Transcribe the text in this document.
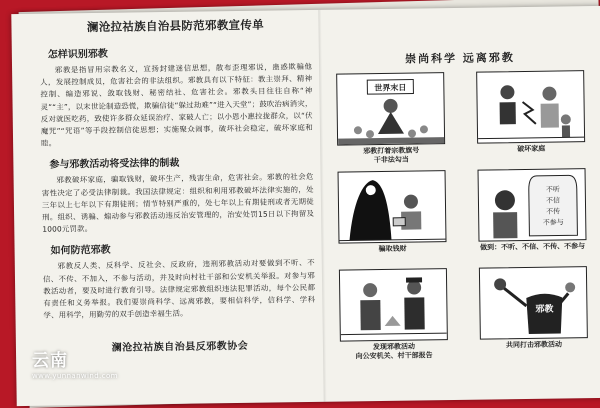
澜沧拉祜族自治县防范邪教宣传单
怎样识别邪教

邪教是指冒用宗教名义，宣扬封建迷信思想，散布歪理邪说，蛊惑欺骗他人，发展控制成员，危害社会的非法组织。邪教具有以下特征：教主崇拜、精神控制、编造邪说、敛取钱财、秘密结社、危害社会。邪教头目往往自称“神灵”“主”，以末世论制造恐慌，欺骗信徒“躲过劫难”“进入天堂”；鼓吹治病消灾，反对就医吃药，致使许多群众延误治疗、家破人亡；以小恩小惠拉拢群众，以“伏魔咒”“咒语”等手段控制信徒思想；实施聚众闹事，破坏社会稳定，破坏家庭和睦。

参与邪教活动将受法律的制裁

邪教破坏家庭，骗取钱财，破坏生产，残害生命，危害社会。邪教的社会危害性决定了必受法律制裁。我国法律规定：组织和利用邪教破坏法律实施的，处三年以上七年以下有期徒刑；情节特别严重的，处七年以上有期徒刑或者无期徒刑。组织、诱骗、煽动参与邪教活动违反治安管理的，治安处罚15日以下拘留及1000元罚款。

如何防范邪教

邪教反人类、反科学、反社会、反政府，违刑邪教活动对要做到不听、不信、不传、不加入，不参与活动，并及时向村社干部和公安机关举报。对参与邪教活动者，要及时进行教育引导。法律规定邪教组织违法犯罪活动，每个公民都有责任和义务举报。我们要崇尚科学、远离邪教，要相信科学，信科学、学科学、用科学，用勤劳的双手创造幸福生活。

澜沧拉祜族自治县反邪教协会

崇尚科学 远离邪教
世界末日
邪教打着宗教旗号
干非法勾当
破坏家庭
骗取钱财
不听
不信
不传
不参与
做到：不听、不信、不传、不参与
发现邪教活动
向公安机关、村干部报告
邪教
共同打击邪教活动
云南
www.yunnanwind.com
